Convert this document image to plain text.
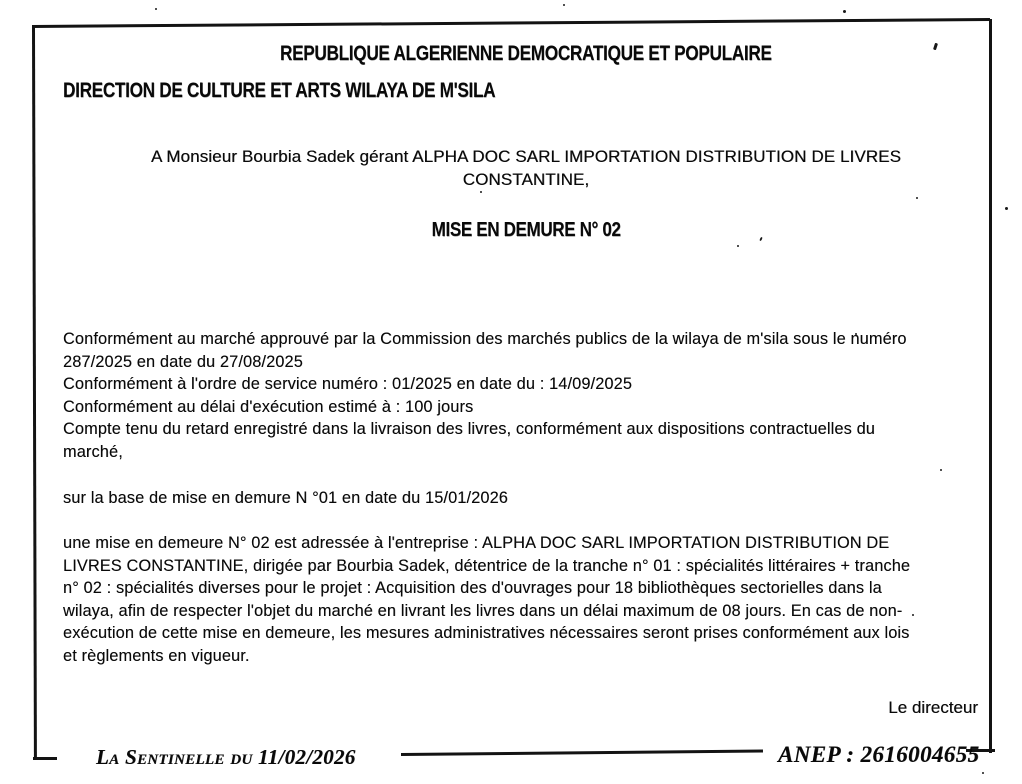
REPUBLIQUE ALGERIENNE DEMOCRATIQUE ET POPULAIRE
DIRECTION DE CULTURE ET ARTS WILAYA DE M'SILA
A Monsieur Bourbia Sadek gérant ALPHA DOC SARL IMPORTATION DISTRIBUTION DE LIVRES
CONSTANTINE,
MISE EN DEMURE N° 02
Conformément au marché approuvé par la Commission des marchés publics de la wilaya de m'sila sous le numéro
287/2025 en date du 27/08/2025
Conformément à l'ordre de service numéro : 01/2025 en date du : 14/09/2025
Conformément au délai d'exécution estimé à : 100 jours
Compte tenu du retard enregistré dans la livraison des livres, conformément aux dispositions contractuelles du
marché,
sur la base de mise en demure N °01 en date du 15/01/2026
une mise en demeure N° 02 est adressée à l'entreprise : ALPHA DOC SARL IMPORTATION DISTRIBUTION DE
LIVRES CONSTANTINE, dirigée par Bourbia Sadek, détentrice de la tranche n° 01 : spécialités littéraires + tranche
n° 02 : spécialités diverses pour le projet : Acquisition des d'ouvrages pour 18 bibliothèques sectorielles dans la
wilaya, afin de respecter l'objet du marché en livrant les livres dans un délai maximum de 08 jours. En cas de non-
exécution de cette mise en demeure, les mesures administratives nécessaires seront prises conformément aux lois
et règlements en vigueur.
Le directeur
La Sentinelle du 11/02/2026	ANEP : 2616004655
